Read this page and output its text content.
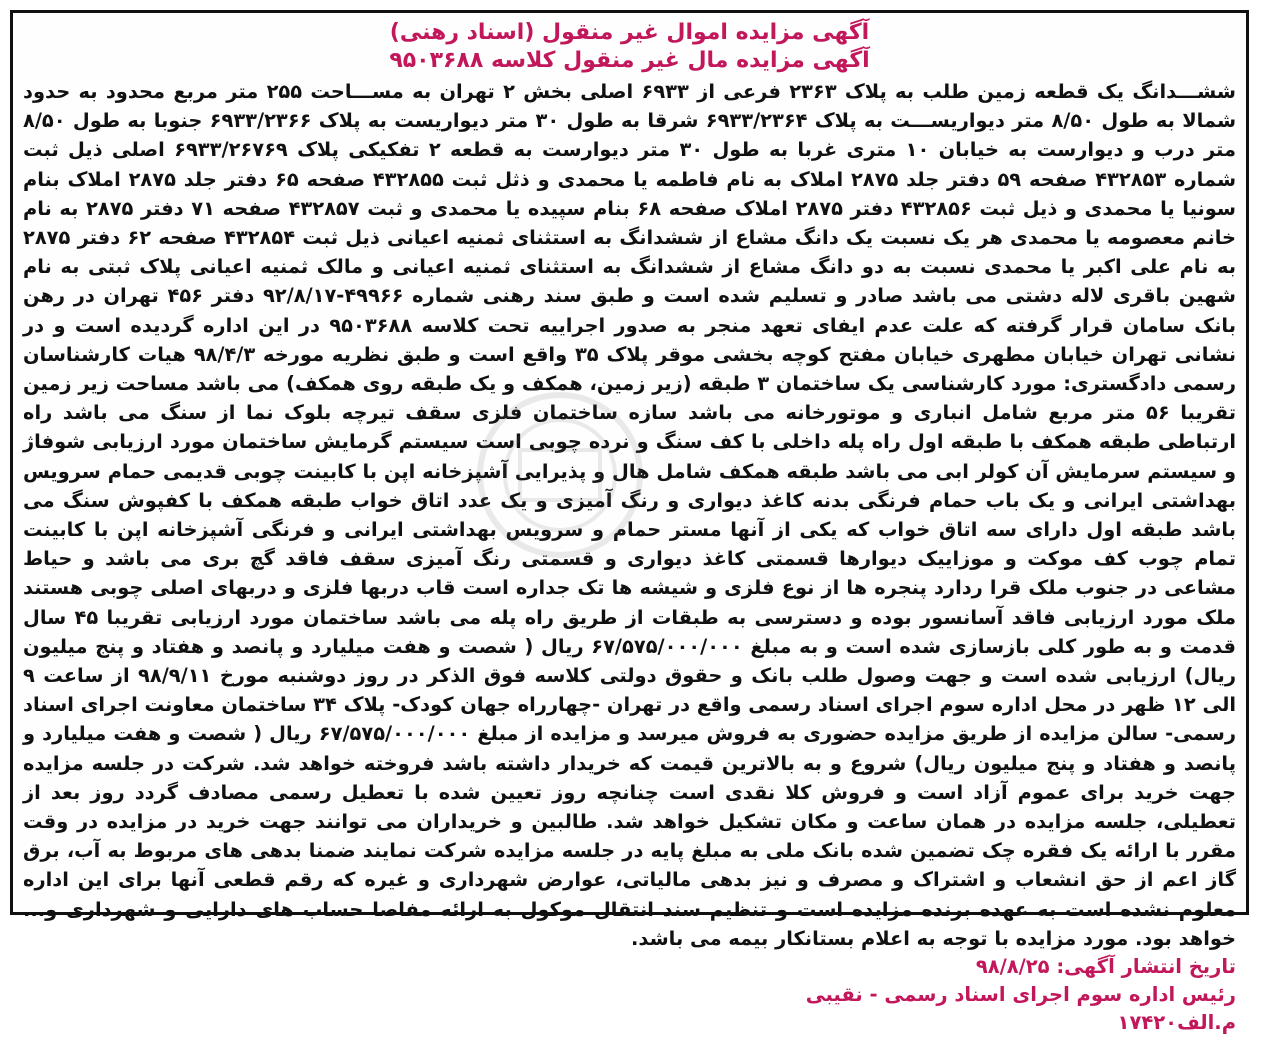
آگهی مزایده اموال غیر منقول (اسناد رهنی)

آگهی مزایده مال غیر منقول کلاسه ۹۵۰۳۶۸۸

ششـــدانگ یک قطعه زمین طلب به پلاک ۲۳۶۳ فرعی از ۶۹۳۳ اصلی بخش ۲ تهران به مســـاحت ۲۵۵ متر مربع محدود به حدود شمالا به طول ۸/۵۰ متر دیواریســـت به پلاک ۶۹۳۳/۲۳۶۴ شرقا به طول ۳۰ متر دیواریست به پلاک ۶۹۳۳/۲۳۶۶ جنوبا به طول ۸/۵۰ متر درب و دیوارست به خیابان ۱۰ متری غربا به طول ۳۰ متر دیوارست به قطعه ۲ تفکیکی پلاک ۶۹۳۳/۲۶۷۶۹ اصلی ذیل ثبت شماره ۴۳۲۸۵۳ صفحه ۵۹ دفتر جلد ۲۸۷۵ املاک به نام فاطمه یا محمدی و ذثل ثبت ۴۳۲۸۵۵ صفحه ۶۵ دفتر جلد ۲۸۷۵ املاک بنام سونیا یا محمدی و ذیل ثبت ۴۳۲۸۵۶ دفتر ۲۸۷۵ املاک صفحه ۶۸ بنام سپیده یا محمدی و ثبت ۴۳۲۸۵۷ صفحه ۷۱ دفتر ۲۸۷۵ به نام خانم معصومه یا محمدی هر یک نسبت یک دانگ مشاع از ششدانگ به استثنای ثمنیه اعیانی ذیل ثبت ۴۳۲۸۵۴ صفحه ۶۲ دفتر ۲۸۷۵ به نام علی اکبر یا محمدی نسبت به دو دانگ مشاع از ششدانگ به استثنای ثمنیه اعیانی و مالک ثمنیه اعیانی پلاک ثبتی به نام شهین باقری لاله دشتی می باشد صادر و تسلیم شده است و طبق سند رهنی شماره ۴۹۹۶۶-۹۲/۸/۱۷ دفتر ۴۵۶ تهران در رهن بانک سامان قرار گرفته که علت عدم ایفای تعهد منجر به صدور اجراییه تحت کلاسه ۹۵۰۳۶۸۸ در این اداره گردیده است و در نشانی تهران خیابان مطهری خیابان مفتح کوچه بخشی موقر پلاک ۳۵ واقع است و طبق نظریه مورخه ۹۸/۴/۳ هیات کارشناسان رسمی دادگستری: مورد کارشناسی یک ساختمان ۳ طبقه (زیر زمین، همکف و یک طبقه روی همکف) می باشد مساحت زیر زمین تقریبا ۵۶ متر مربع شامل انباری و موتورخانه می باشد سازه ساختمان فلزی سقف تیرچه بلوک نما از سنگ می باشد راه ارتباطی طبقه همکف با طبقه اول راه پله داخلی با کف سنگ و نرده چوبی است سیستم گرمایش ساختمان مورد ارزیابی شوفاژ و سیستم سرمایش آن کولر ابی می باشد طبقه همکف شامل هال و پذیرایی آشپزخانه اپن با کابینت چوبی قدیمی حمام سرویس بهداشتی ایرانی و یک باب حمام فرنگی بدنه کاغذ دیواری و رنگ آمیزی و یک عدد اتاق خواب طبقه همکف با کفپوش سنگ می باشد طبقه اول دارای سه اتاق خواب که یکی از آنها مستر حمام و سرویس بهداشتی ایرانی و فرنگی آشپزخانه اپن با کابینت تمام چوب کف موکت و موزاییک دیوارها قسمتی کاغذ دیواری و قسمتی رنگ آمیزی سقف فاقد گچ بری می باشد و حیاط مشاعی در جنوب ملک قرا ردارد پنجره ها از نوع فلزی و شیشه ها تک جداره است قاب دربها فلزی و دربهای اصلی چوبی هستند ملک مورد ارزیابی فاقد آسانسور بوده و دسترسی به طبقات از طریق راه پله می باشد ساختمان مورد ارزیابی تقریبا ۴۵ سال قدمت و به طور کلی بازسازی شده است و به مبلغ ۶۷/۵۷۵/۰۰۰/۰۰۰ ریال ( شصت و هفت میلیارد و پانصد و هفتاد و پنج میلیون ریال) ارزیابی شده است و جهت وصول طلب بانک و حقوق دولتی کلاسه فوق الذکر در روز دوشنبه مورخ ۹۸/۹/۱۱ از ساعت ۹ الی ۱۲ ظهر در محل اداره سوم اجرای اسناد رسمی واقع در تهران -چهارراه جهان کودک- پلاک ۳۴ ساختمان معاونت اجرای اسناد رسمی- سالن مزایده از طریق مزایده حضوری به فروش میرسد و مزایده از مبلغ ۶۷/۵۷۵/۰۰۰/۰۰۰ ریال ( شصت و هفت میلیارد و پانصد و هفتاد و پنج میلیون ریال) شروع و به بالاترین قیمت که خریدار داشته باشد فروخته خواهد شد. شرکت در جلسه مزایده جهت خرید برای عموم آزاد است و فروش کلا نقدی است چنانچه روز تعیین شده با تعطیل رسمی مصادف گردد روز بعد از تعطیلی، جلسه مزایده در همان ساعت و مکان تشکیل خواهد شد. طالبین و خریداران می توانند جهت خرید در مزایده در وقت مقرر با ارائه یک فقره چک تضمین شده بانک ملی به مبلغ پایه در جلسه مزایده شرکت نمایند ضمنا بدهی های مربوط به آب، برق گاز اعم از حق انشعاب و اشتراک و مصرف و نیز بدهی مالیاتی، عوارض شهرداری و غیره که رقم قطعی آنها برای این اداره معلوم نشده است به عهده برنده مزایده است و تنظیم سند انتقال موکول به ارائه مفاصا حساب های دارایی و شهرداری و... خواهد بود. مورد مزایده با توجه به اعلام بستانکار بیمه می باشد.

تاریخ انتشار آگهی: ۹۸/۸/۲۵

رئیس اداره سوم اجرای اسناد رسمی - نقیبی

م.الف۱۷۴۲۰
